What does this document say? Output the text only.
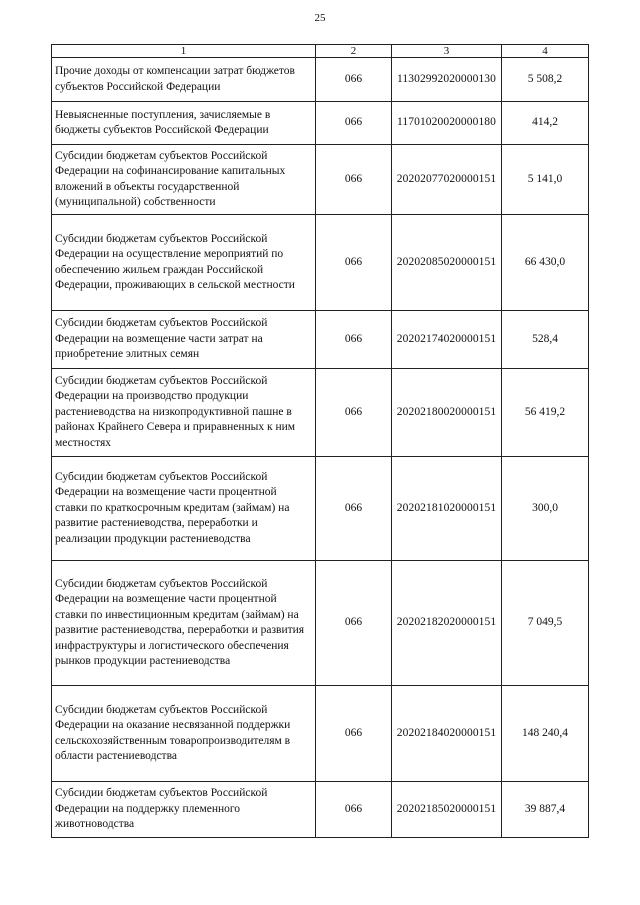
25
1	2	3	4
Прочие доходы от компенсации затрат бюджетов субъектов Российской Федерации	066	11302992020000130	5 508,2
Невыясненные поступления, зачисляемые в бюджеты субъектов Российской Федерации	066	11701020020000180	414,2
Субсидии бюджетам субъектов Российской Федерации на софинансирование капитальных вложений в объекты государственной (муниципальной) собственности	066	20202077020000151	5 141,0
Субсидии бюджетам субъектов Российской Федерации на осуществление мероприятий по обеспечению жильем граждан Российской Федерации, проживающих в сельской местности	066	20202085020000151	66 430,0
Субсидии бюджетам субъектов Российской Федерации на возмещение части затрат на приобретение элитных семян	066	20202174020000151	528,4
Субсидии бюджетам субъектов Российской Федерации на производство продукции растениеводства на низкопродуктивной пашне в районах Крайнего Севера и приравненных к ним местностях	066	20202180020000151	56 419,2
Субсидии бюджетам субъектов Российской Федерации на возмещение части процентной ставки по краткосрочным кредитам (займам) на развитие растениеводства, переработки и реализации продукции растениеводства	066	20202181020000151	300,0
Субсидии бюджетам субъектов Российской Федерации на возмещение части процентной ставки по инвестиционным кредитам (займам) на развитие растениеводства, переработки и развития инфраструктуры и логистического обеспечения рынков продукции растениеводства	066	20202182020000151	7 049,5
Субсидии бюджетам субъектов Российской Федерации на оказание несвязанной поддержки сельскохозяйственным товаропроизводителям в области растениеводства	066	20202184020000151	148 240,4
Субсидии бюджетам субъектов Российской Федерации на поддержку племенного животноводства	066	20202185020000151	39 887,4
